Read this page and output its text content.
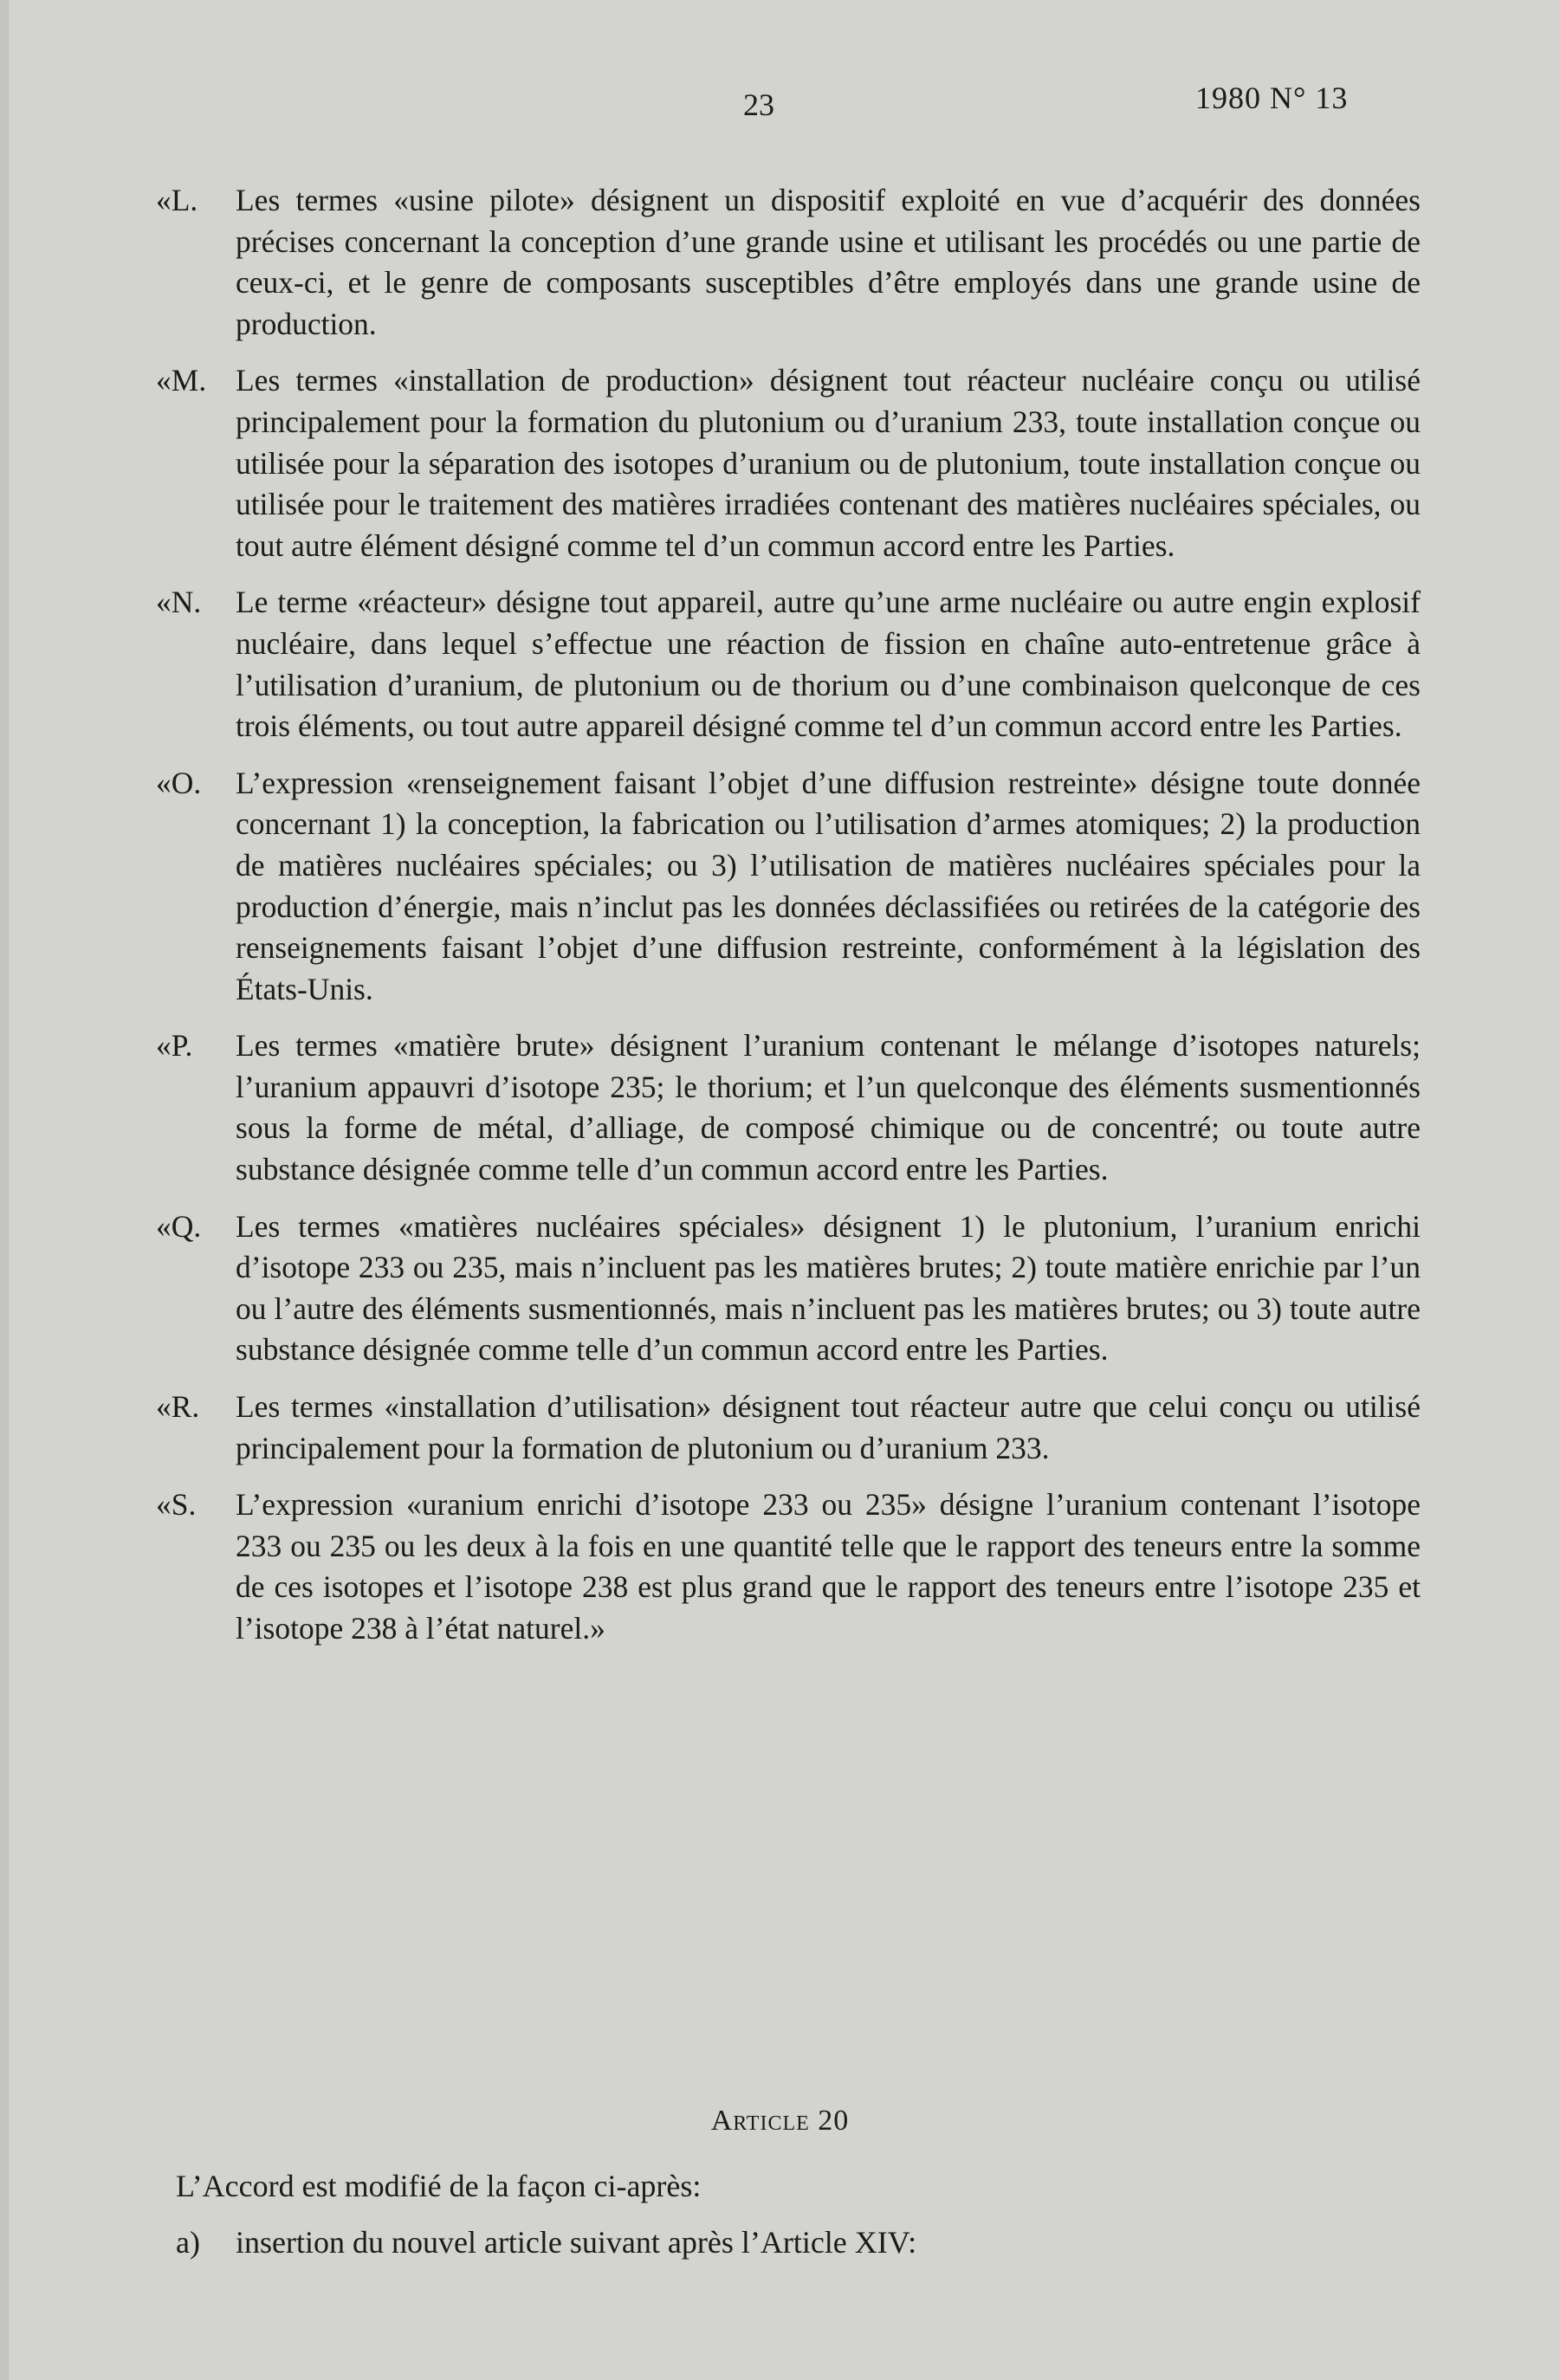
23	1980 N° 13
«L. Les termes «usine pilote» désignent un dispositif exploité en vue d’acquérir des données précises concernant la conception d’une grande usine et utilisant les procédés ou une partie de ceux-ci, et le genre de composants susceptibles d’être employés dans une grande usine de production.
«M. Les termes «installation de production» désignent tout réacteur nucléaire conçu ou utilisé principalement pour la formation du plutonium ou d’uranium 233, toute installation conçue ou utilisée pour la séparation des isotopes d’uranium ou de plutonium, toute installation conçue ou utilisée pour le traitement des matières irradiées contenant des matières nucléaires spéciales, ou tout autre élément désigné comme tel d’un commun accord entre les Parties.
«N. Le terme «réacteur» désigne tout appareil, autre qu’une arme nucléaire ou autre engin explosif nucléaire, dans lequel s’effectue une réaction de fission en chaîne auto-entretenue grâce à l’utilisation d’uranium, de plutonium ou de thorium ou d’une combinaison quelconque de ces trois éléments, ou tout autre appareil désigné comme tel d’un commun accord entre les Parties.
«O. L’expression «renseignement faisant l’objet d’une diffusion restreinte» désigne toute donnée concernant 1) la conception, la fabrication ou l’utilisation d’armes atomiques; 2) la production de matières nucléaires spéciales; ou 3) l’utilisation de matières nucléaires spéciales pour la production d’énergie, mais n’inclut pas les données déclassifiées ou retirées de la catégorie des renseignements faisant l’objet d’une diffusion restreinte, conformément à la législation des États-Unis.
«P. Les termes «matière brute» désignent l’uranium contenant le mélange d’isotopes naturels; l’uranium appauvri d’isotope 235; le thorium; et l’un quelconque des éléments susmentionnés sous la forme de métal, d’alliage, de composé chimique ou de concentré; ou toute autre substance désignée comme telle d’un commun accord entre les Parties.
«Q. Les termes «matières nucléaires spéciales» désignent 1) le plutonium, l’uranium enrichi d’isotope 233 ou 235, mais n’incluent pas les matières brutes; 2) toute matière enrichie par l’un ou l’autre des éléments susmentionnés, mais n’incluent pas les matières brutes; ou 3) toute autre substance désignée comme telle d’un commun accord entre les Parties.
«R. Les termes «installation d’utilisation» désignent tout réacteur autre que celui conçu ou utilisé principalement pour la formation de plutonium ou d’uranium 233.
«S. L’expression «uranium enrichi d’isotope 233 ou 235» désigne l’uranium contenant l’isotope 233 ou 235 ou les deux à la fois en une quantité telle que le rapport des teneurs entre la somme de ces isotopes et l’isotope 238 est plus grand que le rapport des teneurs entre l’isotope 235 et l’isotope 238 à l’état naturel.»
Article 20
L’Accord est modifié de la façon ci-après:
a) insertion du nouvel article suivant après l’Article XIV:
